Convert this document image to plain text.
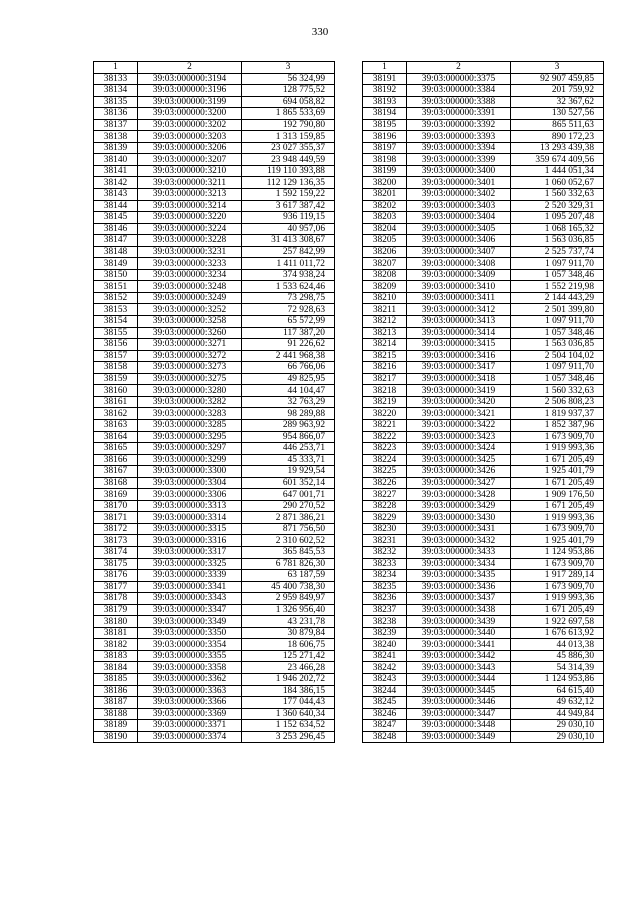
330
1	2	3
38133	39:03:000000:3194	56 324,99
38134	39:03:000000:3196	128 775,52
38135	39:03:000000:3199	694 058,82
38136	39:03:000000:3200	1 865 533,69
38137	39:03:000000:3202	192 790,80
38138	39:03:000000:3203	1 313 159,85
38139	39:03:000000:3206	23 027 355,37
38140	39:03:000000:3207	23 948 449,59
38141	39:03:000000:3210	119 110 393,88
38142	39:03:000000:3211	112 129 136,35
38143	39:03:000000:3213	1 592 159,22
38144	39:03:000000:3214	3 617 387,42
38145	39:03:000000:3220	936 119,15
38146	39:03:000000:3224	40 957,06
38147	39:03:000000:3228	31 413 308,67
38148	39:03:000000:3231	257 842,99
38149	39:03:000000:3233	1 411 011,72
38150	39:03:000000:3234	374 938,24
38151	39:03:000000:3248	1 533 624,46
38152	39:03:000000:3249	73 298,75
38153	39:03:000000:3252	72 928,63
38154	39:03:000000:3258	65 572,99
38155	39:03:000000:3260	117 387,20
38156	39:03:000000:3271	91 226,62
38157	39:03:000000:3272	2 441 968,38
38158	39:03:000000:3273	66 766,06
38159	39:03:000000:3275	49 825,95
38160	39:03:000000:3280	44 104,47
38161	39:03:000000:3282	32 763,29
38162	39:03:000000:3283	98 289,88
38163	39:03:000000:3285	289 963,92
38164	39:03:000000:3295	954 866,07
38165	39:03:000000:3297	446 253,71
38166	39:03:000000:3299	45 333,71
38167	39:03:000000:3300	19 929,54
38168	39:03:000000:3304	601 352,14
38169	39:03:000000:3306	647 001,71
38170	39:03:000000:3313	290 270,52
38171	39:03:000000:3314	2 871 386,21
38172	39:03:000000:3315	871 756,50
38173	39:03:000000:3316	2 310 602,52
38174	39:03:000000:3317	365 845,53
38175	39:03:000000:3325	6 781 826,30
38176	39:03:000000:3339	63 187,59
38177	39:03:000000:3341	45 400 738,30
38178	39:03:000000:3343	2 959 849,97
38179	39:03:000000:3347	1 326 956,40
38180	39:03:000000:3349	43 231,78
38181	39:03:000000:3350	30 879,84
38182	39:03:000000:3354	18 606,75
38183	39:03:000000:3355	125 271,42
38184	39:03:000000:3358	23 466,28
38185	39:03:000000:3362	1 946 202,72
38186	39:03:000000:3363	184 386,15
38187	39:03:000000:3366	177 044,43
38188	39:03:000000:3369	1 360 640,34
38189	39:03:000000:3371	1 152 634,52
38190	39:03:000000:3374	3 253 296,45
1	2	3
38191	39:03:000000:3375	92 907 459,85
38192	39:03:000000:3384	201 759,92
38193	39:03:000000:3388	32 367,62
38194	39:03:000000:3391	130 527,56
38195	39:03:000000:3392	865 511,63
38196	39:03:000000:3393	890 172,23
38197	39:03:000000:3394	13 293 439,38
38198	39:03:000000:3399	359 674 409,56
38199	39:03:000000:3400	1 444 051,34
38200	39:03:000000:3401	1 060 052,67
38201	39:03:000000:3402	1 560 332,63
38202	39:03:000000:3403	2 520 329,31
38203	39:03:000000:3404	1 095 207,48
38204	39:03:000000:3405	1 068 165,32
38205	39:03:000000:3406	1 563 036,85
38206	39:03:000000:3407	2 525 737,74
38207	39:03:000000:3408	1 097 911,70
38208	39:03:000000:3409	1 057 348,46
38209	39:03:000000:3410	1 552 219,98
38210	39:03:000000:3411	2 144 443,29
38211	39:03:000000:3412	2 501 399,80
38212	39:03:000000:3413	1 097 911,70
38213	39:03:000000:3414	1 057 348,46
38214	39:03:000000:3415	1 563 036,85
38215	39:03:000000:3416	2 504 104,02
38216	39:03:000000:3417	1 097 911,70
38217	39:03:000000:3418	1 057 348,46
38218	39:03:000000:3419	1 560 332,63
38219	39:03:000000:3420	2 506 808,23
38220	39:03:000000:3421	1 819 937,37
38221	39:03:000000:3422	1 852 387,96
38222	39:03:000000:3423	1 673 909,70
38223	39:03:000000:3424	1 919 993,36
38224	39:03:000000:3425	1 671 205,49
38225	39:03:000000:3426	1 925 401,79
38226	39:03:000000:3427	1 671 205,49
38227	39:03:000000:3428	1 909 176,50
38228	39:03:000000:3429	1 671 205,49
38229	39:03:000000:3430	1 919 993,36
38230	39:03:000000:3431	1 673 909,70
38231	39:03:000000:3432	1 925 401,79
38232	39:03:000000:3433	1 124 953,86
38233	39:03:000000:3434	1 673 909,70
38234	39:03:000000:3435	1 917 289,14
38235	39:03:000000:3436	1 673 909,70
38236	39:03:000000:3437	1 919 993,36
38237	39:03:000000:3438	1 671 205,49
38238	39:03:000000:3439	1 922 697,58
38239	39:03:000000:3440	1 676 613,92
38240	39:03:000000:3441	44 013,38
38241	39:03:000000:3442	45 886,30
38242	39:03:000000:3443	54 314,39
38243	39:03:000000:3444	1 124 953,86
38244	39:03:000000:3445	64 615,40
38245	39:03:000000:3446	49 632,12
38246	39:03:000000:3447	44 949,84
38247	39:03:000000:3448	29 030,10
38248	39:03:000000:3449	29 030,10
